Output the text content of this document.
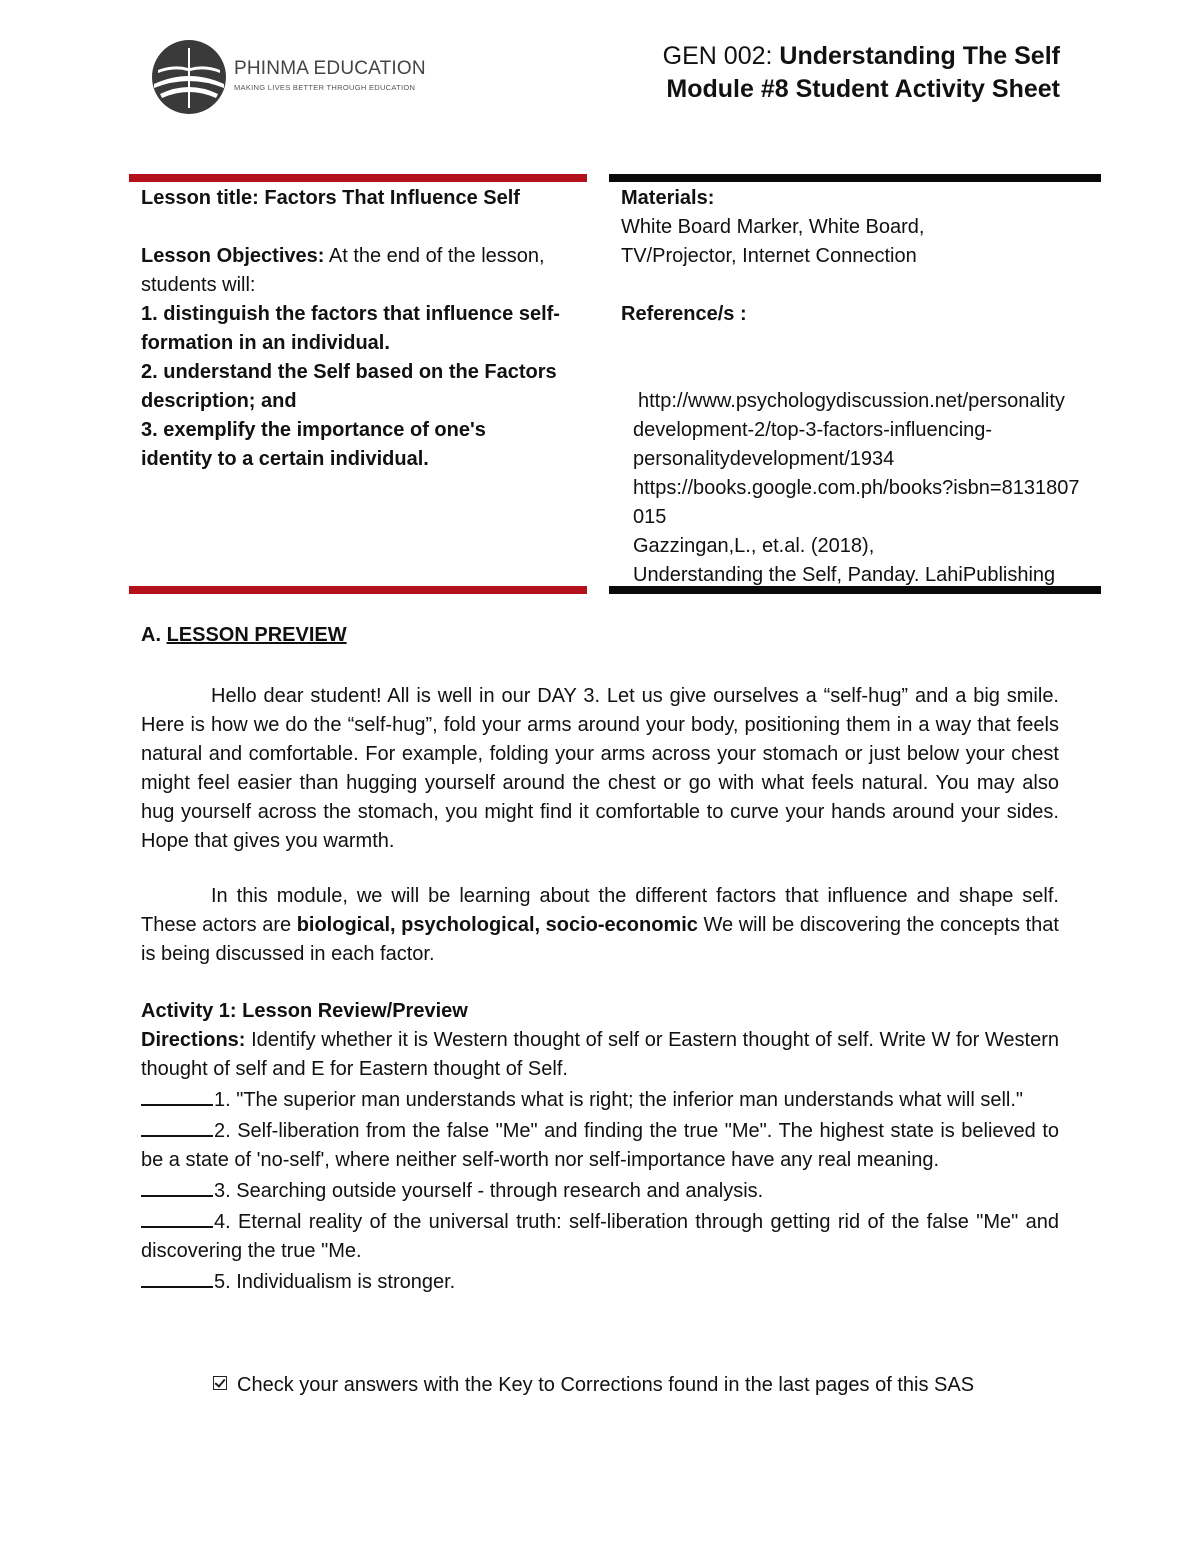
PHINMA EDUCATION
MAKING LIVES BETTER THROUGH EDUCATION
GEN 002: Understanding The Self
Module #8 Student Activity Sheet
Lesson title: Factors That Influence Self
Lesson Objectives: At the end of the lesson,
students will:
1. distinguish the factors that influence self-
formation in an individual.
2. understand the Self based on the Factors
description; and
3. exemplify the importance of one's
identity to a certain individual.
Materials:
White Board Marker, White Board,
TV/Projector, Internet Connection
Reference/s :
http://www.psychologydiscussion.net/personality
development-2/top-3-factors-influencing-
personalitydevelopment/1934
https://books.google.com.ph/books?isbn=8131807
015
Gazzingan,L., et.al. (2018),
Understanding the Self, Panday. LahiPublishing
A. LESSON PREVIEW
Hello dear student! All is well in our DAY 3. Let us give ourselves a “self-hug” and a big smile. Here is how we do the “self-hug”, fold your arms around your body, positioning them in a way that feels natural and comfortable. For example, folding your arms across your stomach or just below your chest might feel easier than hugging yourself around the chest or go with what feels natural. You may also hug yourself across the stomach, you might find it comfortable to curve your hands around your sides. Hope that gives you warmth.
In this module, we will be learning about the different factors that influence and shape self. These actors are biological, psychological, socio-economic We will be discovering the concepts that is being discussed in each factor.
Activity 1: Lesson Review/Preview
Directions: Identify whether it is Western thought of self or Eastern thought of self. Write W for Western thought of self and E for Eastern thought of Self.
1. "The superior man understands what is right; the inferior man understands what will sell."
2. Self-liberation from the false "Me" and finding the true "Me". The highest state is believed to be a state of 'no-self', where neither self-worth nor self-importance have any real meaning.
3. Searching outside yourself - through research and analysis.
4. Eternal reality of the universal truth: self-liberation through getting rid of the false "Me" and discovering the true "Me.
5. Individualism is stronger.
Check your answers with the Key to Corrections found in the last pages of this SAS
